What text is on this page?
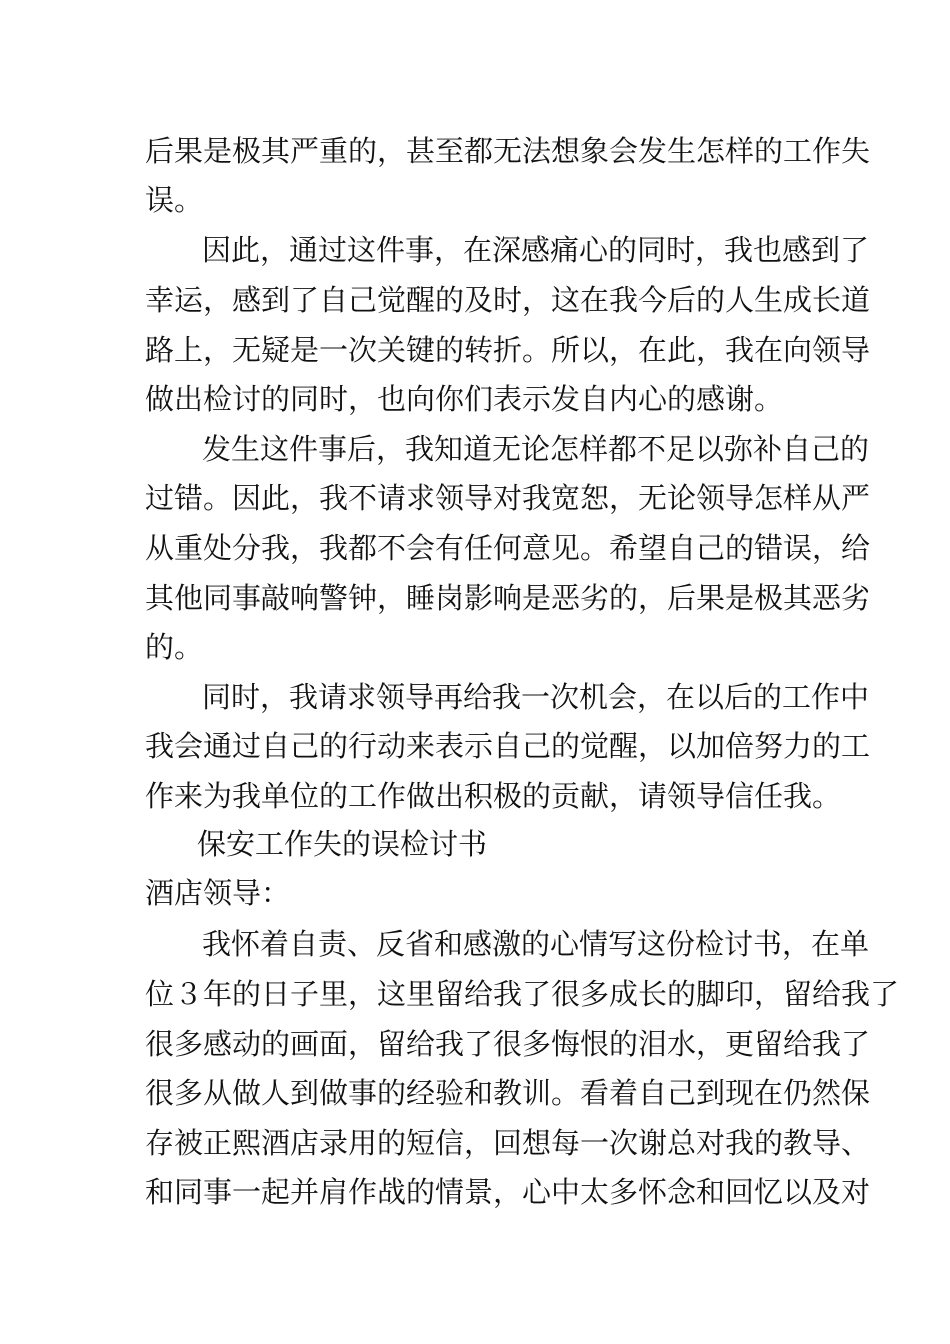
后果是极其严重的，甚至都无法想象会发生怎样的工作失
误。
因此，通过这件事，在深感痛心的同时，我也感到了
幸运，感到了自己觉醒的及时，这在我今后的人生成长道
路上，无疑是一次关键的转折。所以，在此，我在向领导
做出检讨的同时，也向你们表示发自内心的感谢。
发生这件事后，我知道无论怎样都不足以弥补自己的
过错。因此，我不请求领导对我宽恕，无论领导怎样从严
从重处分我，我都不会有任何意见。希望自己的错误，给
其他同事敲响警钟，睡岗影响是恶劣的，后果是极其恶劣
的。
同时，我请求领导再给我一次机会，在以后的工作中
我会通过自己的行动来表示自己的觉醒，以加倍努力的工
作来为我单位的工作做出积极的贡献，请领导信任我。
保安工作失的误检讨书
酒店领导：
我怀着自责、反省和感激的心情写这份检讨书，在单
位３年的日子里，这里留给我了很多成长的脚印，留给我了
很多感动的画面，留给我了很多悔恨的泪水，更留给我了
很多从做人到做事的经验和教训。看着自己到现在仍然保
存被正熙酒店录用的短信，回想每一次谢总对我的教导、
和同事一起并肩作战的情景，心中太多怀念和回忆以及对
